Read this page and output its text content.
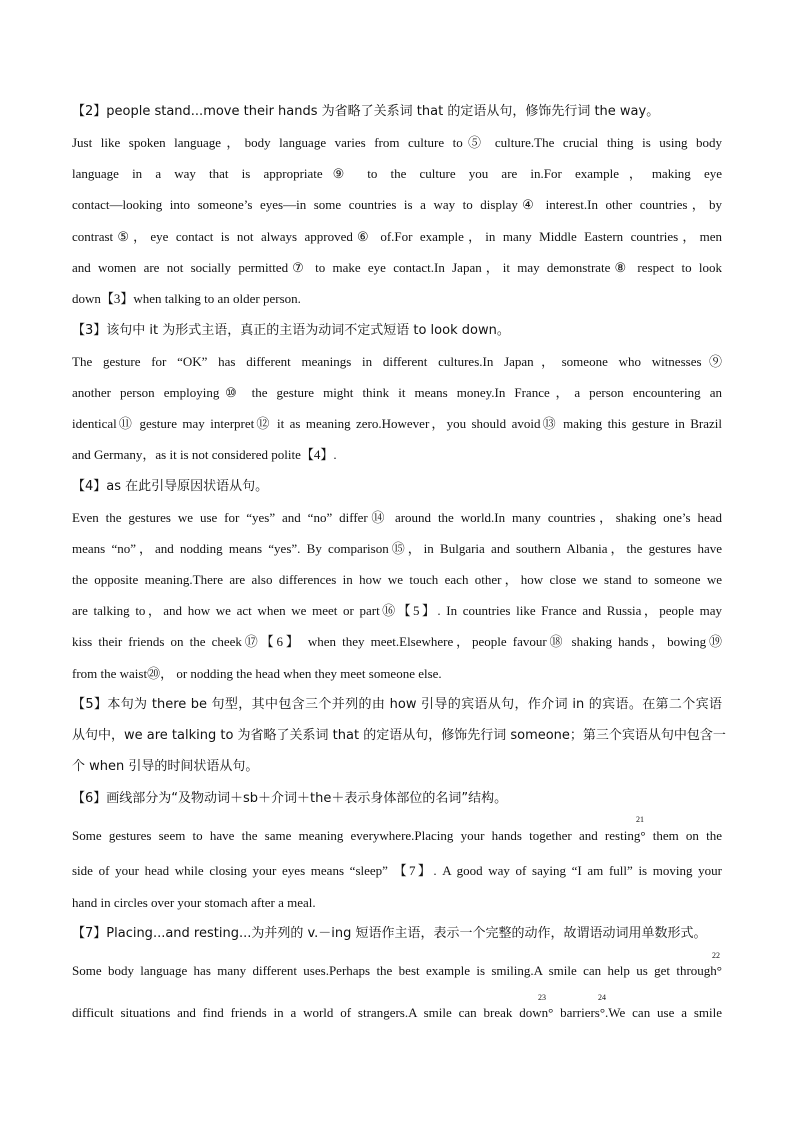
【2】people stand...move their hands 为省略了关系词 that 的定语从句，修饰先行词 the way。
Just like spoken language，body language varies from culture to⑤ culture.The crucial thing is using body
language in a way that is appropriate⑨ to the culture you are in.For example，making eye
contact—looking into someone’s eyes—in some countries is a way to display④ interest.In other countries，by
contrast⑤，eye contact is not always approved⑥ of.For example，in many Middle Eastern countries，men
and women are not socially permitted⑦ to make eye contact.In Japan，it may demonstrate⑧ respect to look
down【3】when talking to an older person.
【3】该句中 it 为形式主语，真正的主语为动词不定式短语 to look down。
The gesture for “OK” has different meanings in different cultures.In Japan，someone who witnesses⑨
another person employing⑩ the gesture might think it means money.In France，a person encountering an
identical⑪ gesture may interpret⑫ it as meaning zero.However，you should avoid⑬ making this gesture in Brazil
and Germany，as it is not considered polite【4】.
【4】as 在此引导原因状语从句。
Even the gestures we use for “yes” and “no” differ⑭ around the world.In many countries，shaking one’s head
means “no”，and nodding means “yes”. By comparison⑮，in Bulgaria and southern Albania，the gestures have
the opposite meaning.There are also differences in how we touch each other，how close we stand to someone we
are talking to，and how we act when we meet or part⑯【5】. In countries like France and Russia，people may
kiss their friends on the cheek⑰【6】 when they meet.Elsewhere，people favour⑱ shaking hands，bowing⑲
from the waist⑳， or nodding the head when they meet someone else.
【5】本句为 there be 句型，其中包含三个并列的由 how 引导的宾语从句，作介词 in 的宾语。在第二个宾语
从句中，we are talking to 为省略了关系词 that 的定语从句，修饰先行词 someone；第三个宾语从句中包含一
个 when 引导的时间状语从句。
【6】画线部分为“及物动词＋sb＋介词＋the＋表示身体部位的名词”结构。
21
Some gestures seem to have the same meaning everywhere.Placing your hands together and resting° them on the
side of your head while closing your eyes means “sleep” 【7】. A good way of saying “I am full” is moving your
hand in circles over your stomach after a meal.
【7】Placing...and resting...为并列的 v.－ing 短语作主语，表示一个完整的动作，故谓语动词用单数形式。
22
Some body language has many different uses.Perhaps the best example is smiling.A smile can help us get through°
23	24
difficult situations and find friends in a world of strangers.A smile can break down° barriers°.We can use a smile
